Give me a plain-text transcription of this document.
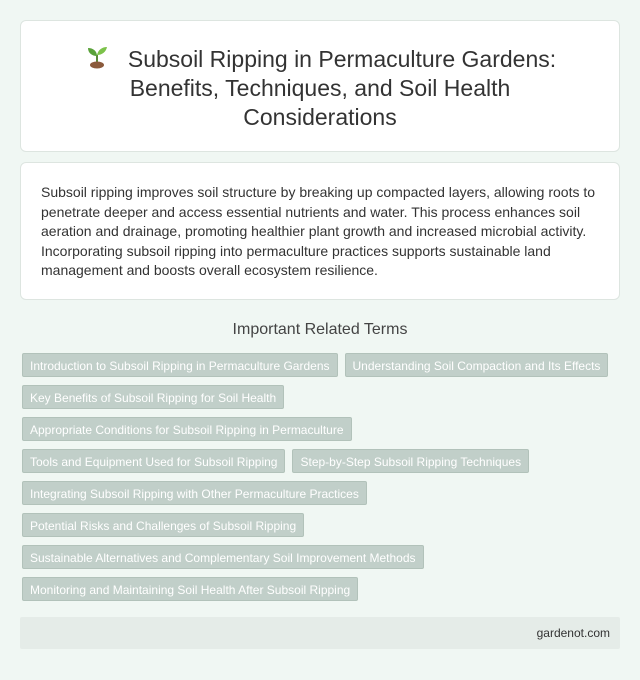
Subsoil Ripping in Permaculture Gardens: Benefits, Techniques, and Soil Health Considerations

Subsoil ripping improves soil structure by breaking up compacted layers, allowing roots to penetrate deeper and access essential nutrients and water. This process enhances soil aeration and drainage, promoting healthier plant growth and increased microbial activity. Incorporating subsoil ripping into permaculture practices supports sustainable land management and boosts overall ecosystem resilience.

Important Related Terms
Introduction to Subsoil Ripping in Permaculture Gardens	Understanding Soil Compaction and Its Effects
Key Benefits of Subsoil Ripping for Soil Health
Appropriate Conditions for Subsoil Ripping in Permaculture
Tools and Equipment Used for Subsoil Ripping	Step-by-Step Subsoil Ripping Techniques
Integrating Subsoil Ripping with Other Permaculture Practices
Potential Risks and Challenges of Subsoil Ripping
Sustainable Alternatives and Complementary Soil Improvement Methods
Monitoring and Maintaining Soil Health After Subsoil Ripping
gardenot.com
